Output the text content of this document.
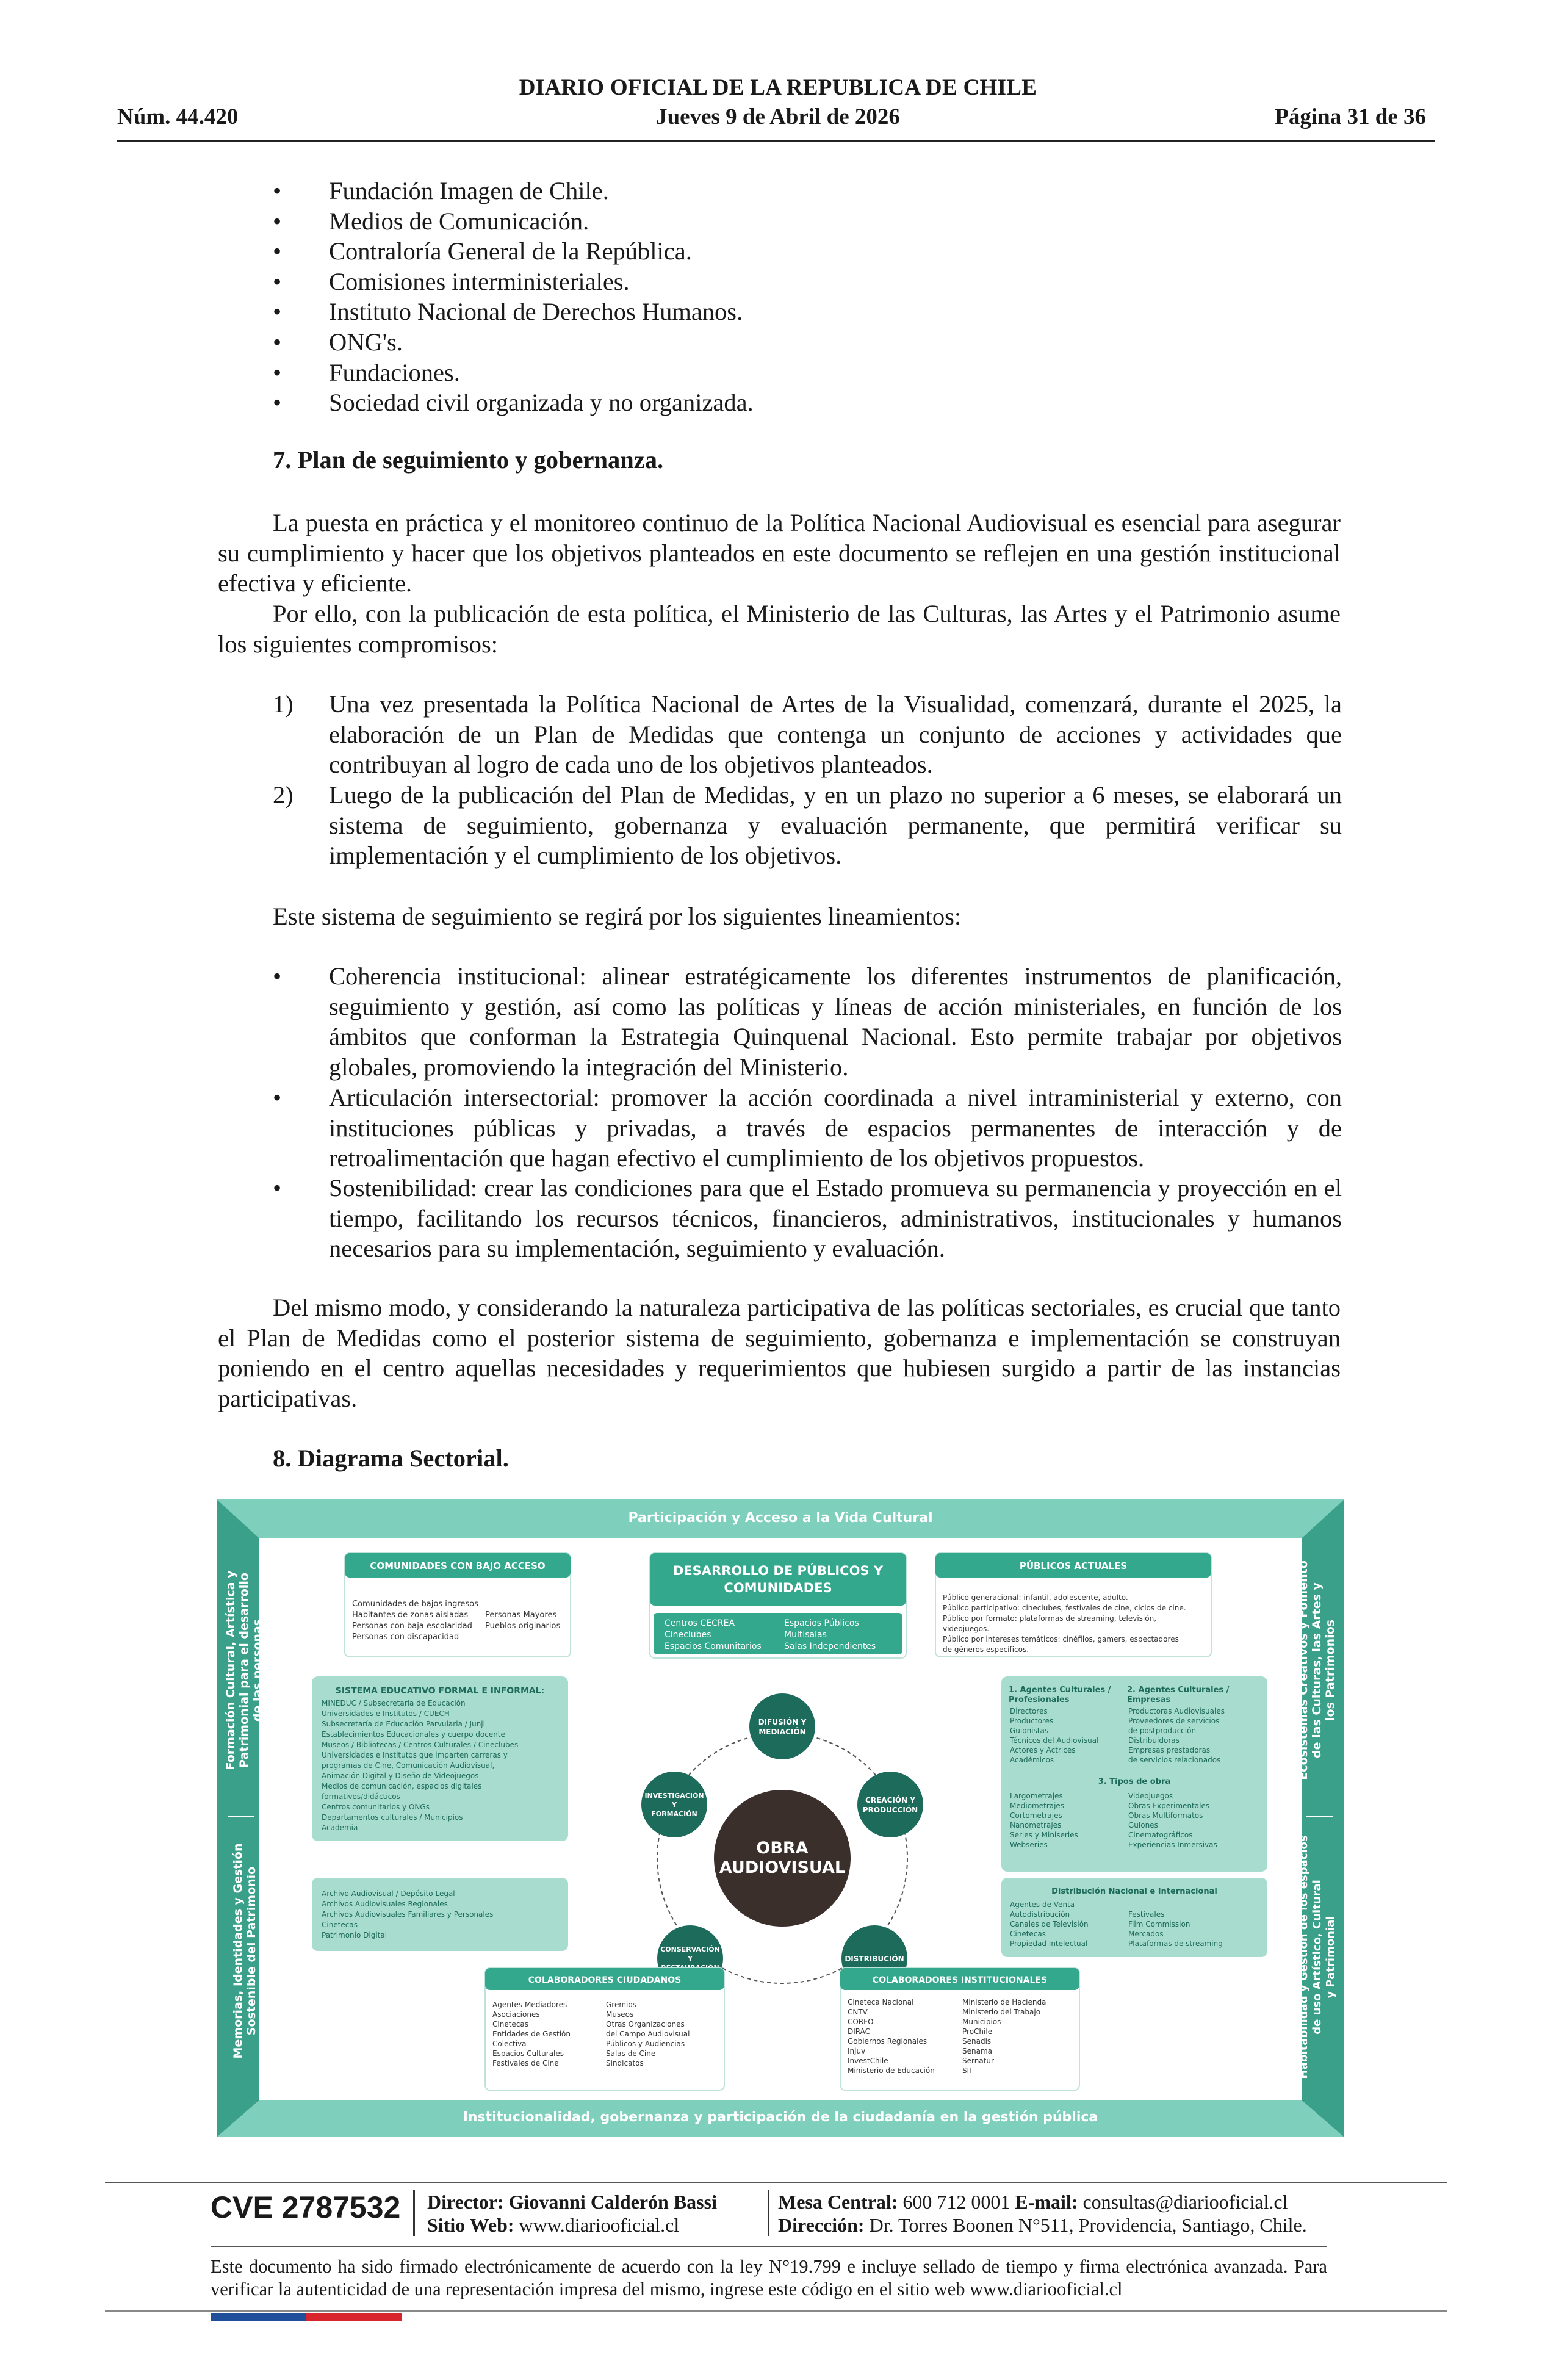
DIARIO OFICIAL DE LA REPUBLICA DE CHILE
Núm. 44.420	Jueves 9 de Abril de 2026	Página 31 de 36
• Fundación Imagen de Chile.
• Medios de Comunicación.
• Contraloría General de la República.
• Comisiones interministeriales.
• Instituto Nacional de Derechos Humanos.
• ONG's.
• Fundaciones.
• Sociedad civil organizada y no organizada.
7. Plan de seguimiento y gobernanza.
La puesta en práctica y el monitoreo continuo de la Política Nacional Audiovisual es esencial para asegurar su cumplimiento y hacer que los objetivos planteados en este documento se reflejen en una gestión institucional efectiva y eficiente.
Por ello, con la publicación de esta política, el Ministerio de las Culturas, las Artes y el Patrimonio asume los siguientes compromisos:
1) Una vez presentada la Política Nacional de Artes de la Visualidad, comenzará, durante el 2025, la elaboración de un Plan de Medidas que contenga un conjunto de acciones y actividades que contribuyan al logro de cada uno de los objetivos planteados.
2) Luego de la publicación del Plan de Medidas, y en un plazo no superior a 6 meses, se elaborará un sistema de seguimiento, gobernanza y evaluación permanente, que permitirá verificar su implementación y el cumplimiento de los objetivos.
Este sistema de seguimiento se regirá por los siguientes lineamientos:
• Coherencia institucional: alinear estratégicamente los diferentes instrumentos de planificación, seguimiento y gestión, así como las políticas y líneas de acción ministeriales, en función de los ámbitos que conforman la Estrategia Quinquenal Nacional. Esto permite trabajar por objetivos globales, promoviendo la integración del Ministerio.
• Articulación intersectorial: promover la acción coordinada a nivel intraministerial y externo, con instituciones públicas y privadas, a través de espacios permanentes de interacción y de retroalimentación que hagan efectivo el cumplimiento de los objetivos propuestos.
• Sostenibilidad: crear las condiciones para que el Estado promueva su permanencia y proyección en el tiempo, facilitando los recursos técnicos, financieros, administrativos, institucionales y humanos necesarios para su implementación, seguimiento y evaluación.
Del mismo modo, y considerando la naturaleza participativa de las políticas sectoriales, es crucial que tanto el Plan de Medidas como el posterior sistema de seguimiento, gobernanza e implementación se construyan poniendo en el centro aquellas necesidades y requerimientos que hubiesen surgido a partir de las instancias participativas.
8. Diagrama Sectorial.
Participación y Acceso a la Vida Cultural
Institucionalidad, gobernanza y participación de la ciudadanía en la gestión pública
Formación Cultural, Artística y Patrimonial para el desarrollo de las personas
Memorias, Identidades y Gestión Sostenible del Patrimonio
Ecosistemas Creativos y Fomento de las Culturas, las Artes y los Patrimonios
Habitabilidad y Gestión de los espacios de uso Artístico, Cultural y Patrimonial
COMUNIDADES CON BAJO ACCESO
Comunidades de bajos ingresos
Habitantes de zonas aisladas
Personas con baja escolaridad
Personas con discapacidad
Personas Mayores
Pueblos originarios
DESARROLLO DE PÚBLICOS Y
COMUNIDADES
Centros CECREA
Cineclubes
Espacios Comunitarios
Espacios Públicos
Multisalas
Salas Independientes
PÚBLICOS ACTUALES
Público generacional: infantil, adolescente, adulto.
Público participativo: cineclubes, festivales de cine, ciclos de cine.
Público por formato: plataformas de streaming, televisión,
videojuegos.
Público por intereses temáticos: cinéfilos, gamers, espectadores
de géneros específicos.
SISTEMA EDUCATIVO FORMAL E INFORMAL:
MINEDUC / Subsecretaría de Educación
Universidades e Institutos / CUECH
Subsecretaría de Educación Parvularia / Junji
Establecimientos Educacionales y cuerpo docente
Museos / Bibliotecas / Centros Culturales / Cineclubes
Universidades e Institutos que imparten carreras y
programas de Cine, Comunicación Audiovisual,
Animación Digital y Diseño de Videojuegos
Medios de comunicación, espacios digitales
formativos/didácticos
Centros comunitarios y ONGs
Departamentos culturales / Municipios
Academia
Archivo Audiovisual / Depósito Legal
Archivos Audiovisuales Regionales
Archivos Audiovisuales Familiares y Personales
Cinetecas
Patrimonio Digital
1. Agentes Culturales /
Profesionales
Directores
Productores
Guionistas
Técnicos del Audiovisual
Actores y Actrices
Académicos
2. Agentes Culturales /
Empresas
Productoras Audiovisuales
Proveedores de servicios
de postproducción
Distribuidoras
Empresas prestadoras
de servicios relacionados
3. Tipos de obra
Largometrajes
Mediometrajes
Cortometrajes
Nanometrajes
Series y Miniseries
Webseries
Videojuegos
Obras Experimentales
Obras Multiformatos
Guiones
Cinematográficos
Experiencias Inmersivas
Distribución Nacional e Internacional
Agentes de Venta
Autodistribución
Canales de Televisión
Cinetecas
Propiedad Intelectual
Festivales
Film Commission
Mercados
Plataformas de streaming
OBRA
AUDIOVISUAL
DIFUSIÓN Y
MEDIACIÓN
CREACIÓN Y
PRODUCCIÓN
DISTRIBUCIÓN
CONSERVACIÓN
Y
INVESTIGACIÓN
Y
FORMACIÓN
COLABORADORES CIUDADANOS
Agentes Mediadores
Asociaciones
Cinetecas
Entidades de Gestión
Colectiva
Espacios Culturales
Festivales de Cine
Gremios
Museos
Otras Organizaciones
del Campo Audiovisual
Públicos y Audiencias
Salas de Cine
Sindicatos
COLABORADORES INSTITUCIONALES
Cineteca Nacional
CNTV
CORFO
DIRAC
Gobiernos Regionales
Injuv
InvestChile
Ministerio de Educación
Ministerio de Hacienda
Ministerio del Trabajo
Municipios
ProChile
Senadis
Senama
Sernatur
SII
CVE 2787532 Director: Giovanni Calderón Bassi
Sitio Web: www.diariooficial.cl
Mesa Central: 600 712 0001 E-mail: consultas@diariooficial.cl
Dirección: Dr. Torres Boonen N°511, Providencia, Santiago, Chile.
Este documento ha sido firmado electrónicamente de acuerdo con la ley N°19.799 e incluye sellado de tiempo y firma electrónica avanzada. Para verificar la autenticidad de una representación impresa del mismo, ingrese este código en el sitio web www.diariooficial.cl
